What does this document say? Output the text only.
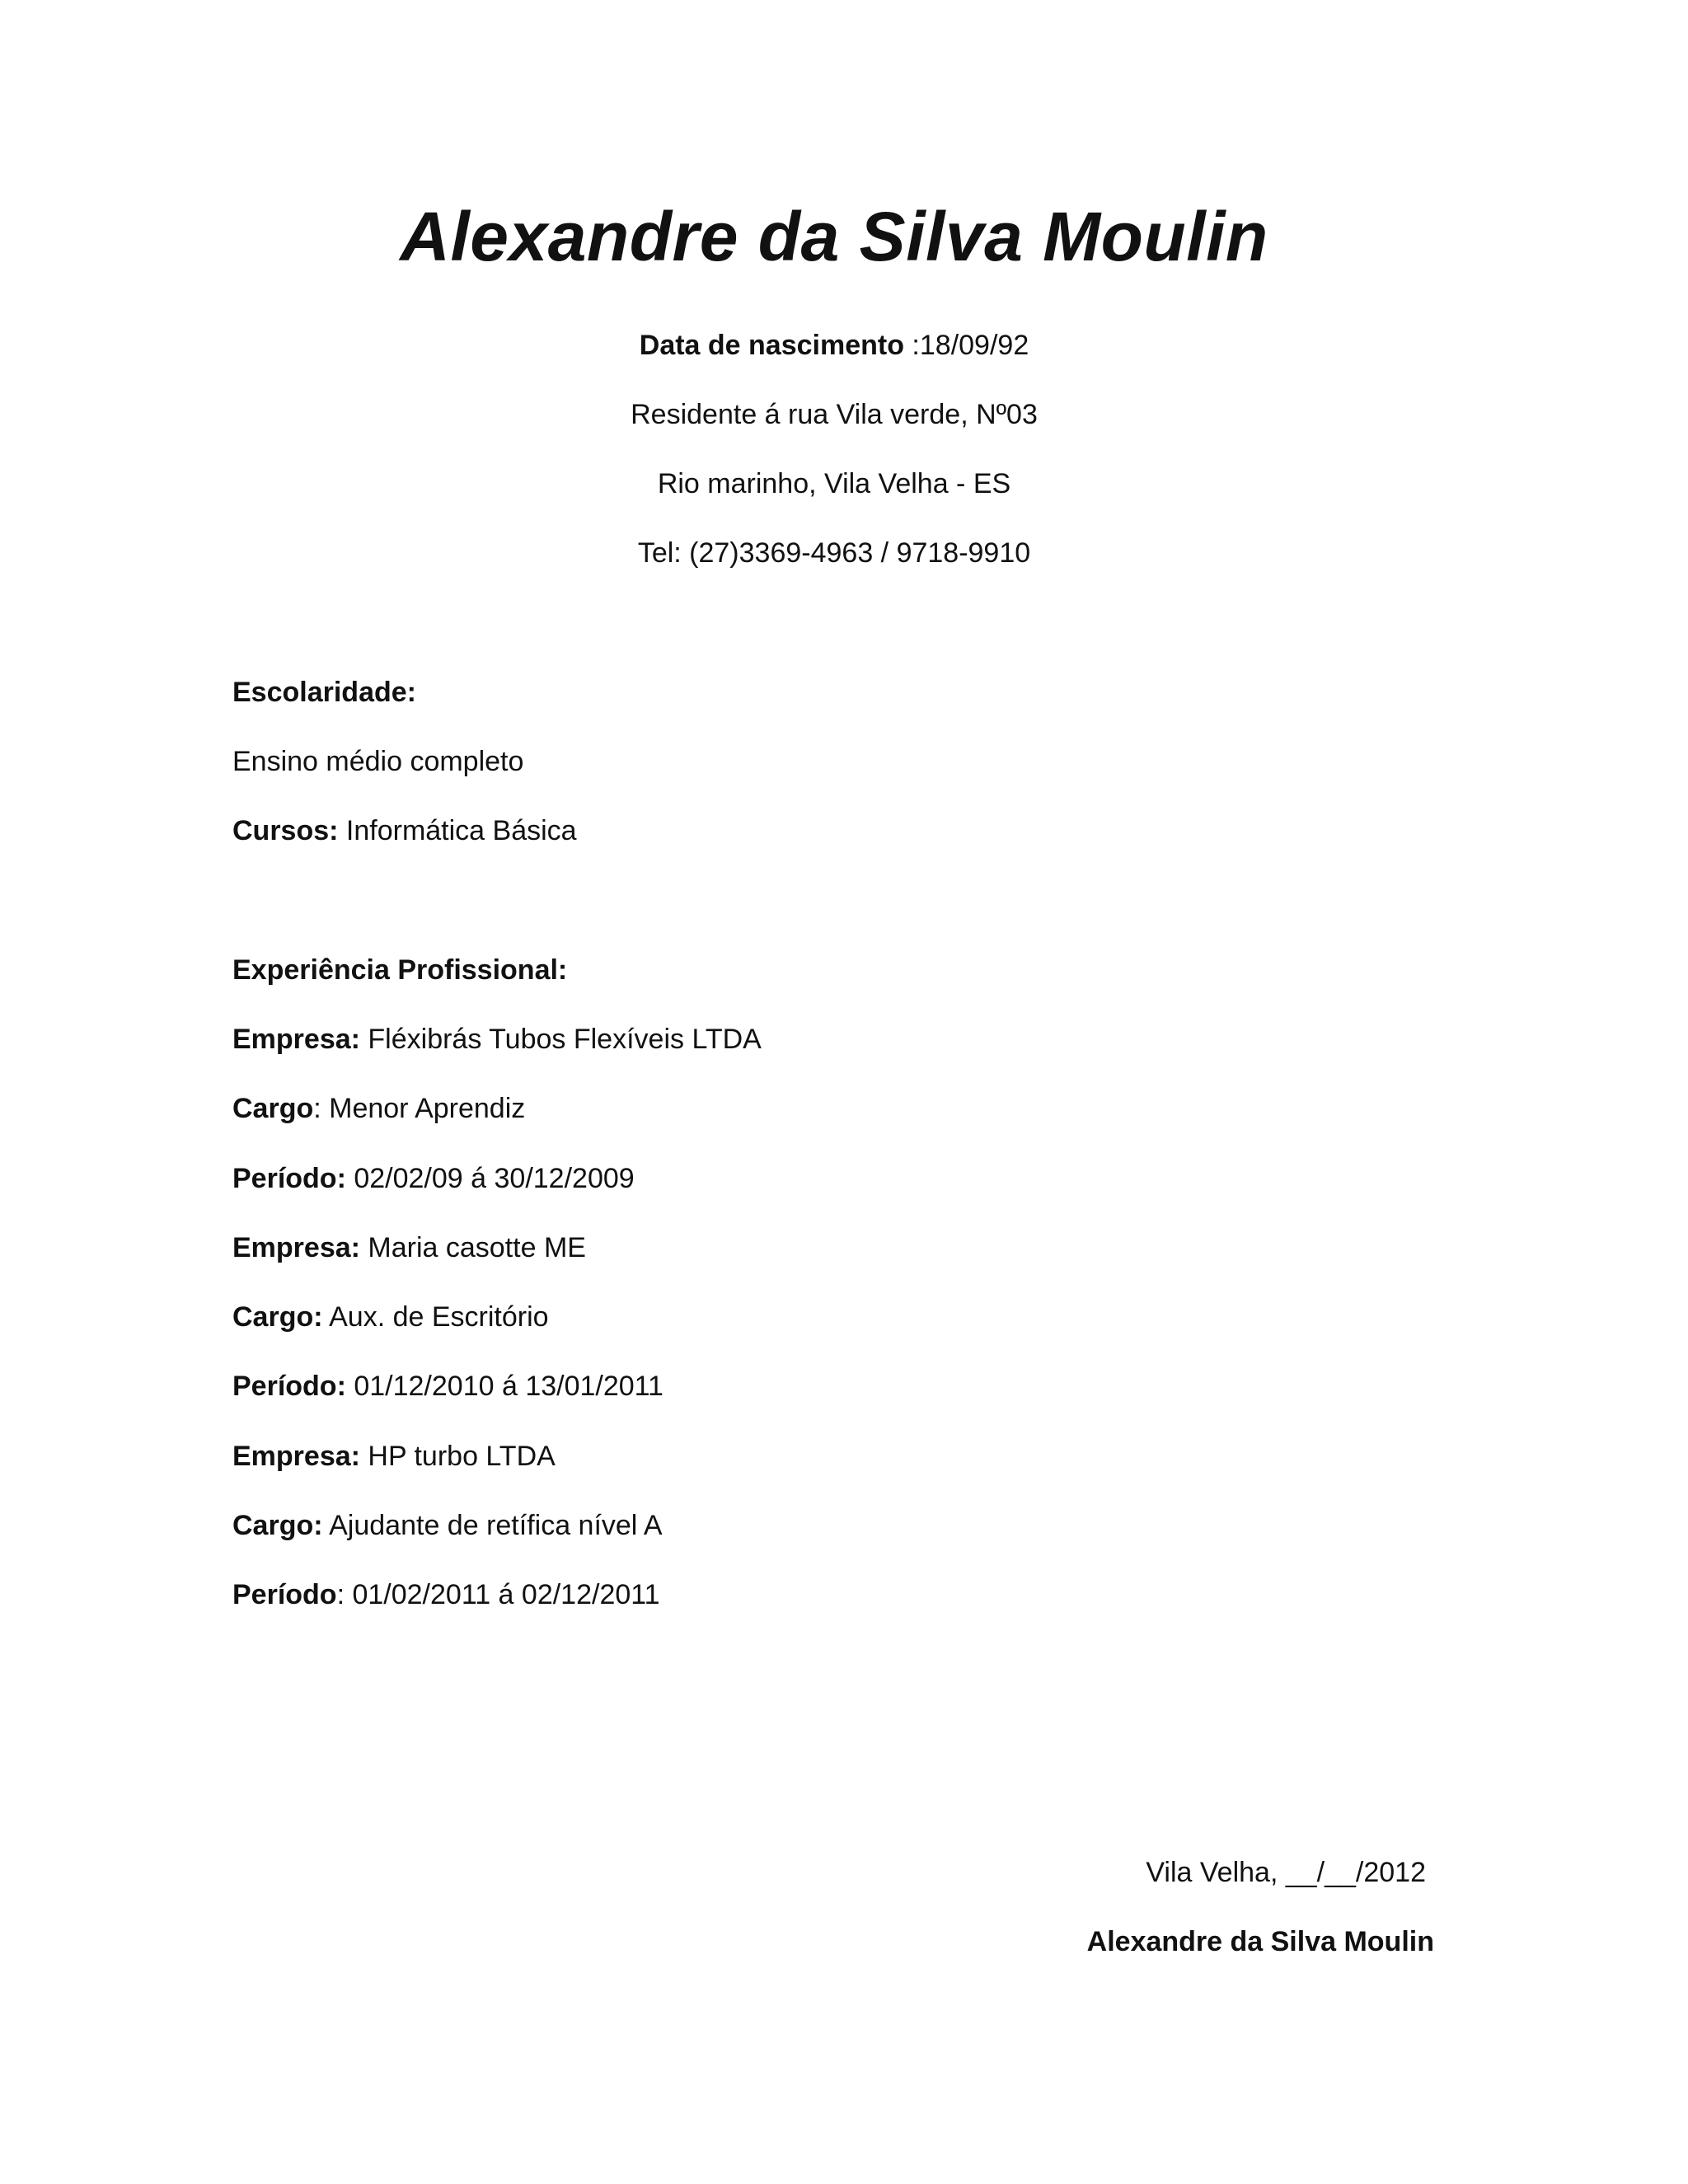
Alexandre da Silva Moulin
Data de nascimento :18/09/92
Residente á rua Vila verde, Nº03
Rio marinho, Vila Velha - ES
Tel: (27)3369-4963 / 9718-9910
Escolaridade:
Ensino médio completo
Cursos: Informática Básica
Experiência Profissional:
Empresa: Fléxibrás Tubos Flexíveis LTDA
Cargo: Menor Aprendiz
Período: 02/02/09 á 30/12/2009
Empresa: Maria casotte ME
Cargo: Aux. de Escritório
Período: 01/12/2010 á 13/01/2011
Empresa: HP turbo LTDA
Cargo: Ajudante de retífica nível A
Período: 01/02/2011 á 02/12/2011
Vila Velha, __/__/2012
Alexandre da Silva Moulin
